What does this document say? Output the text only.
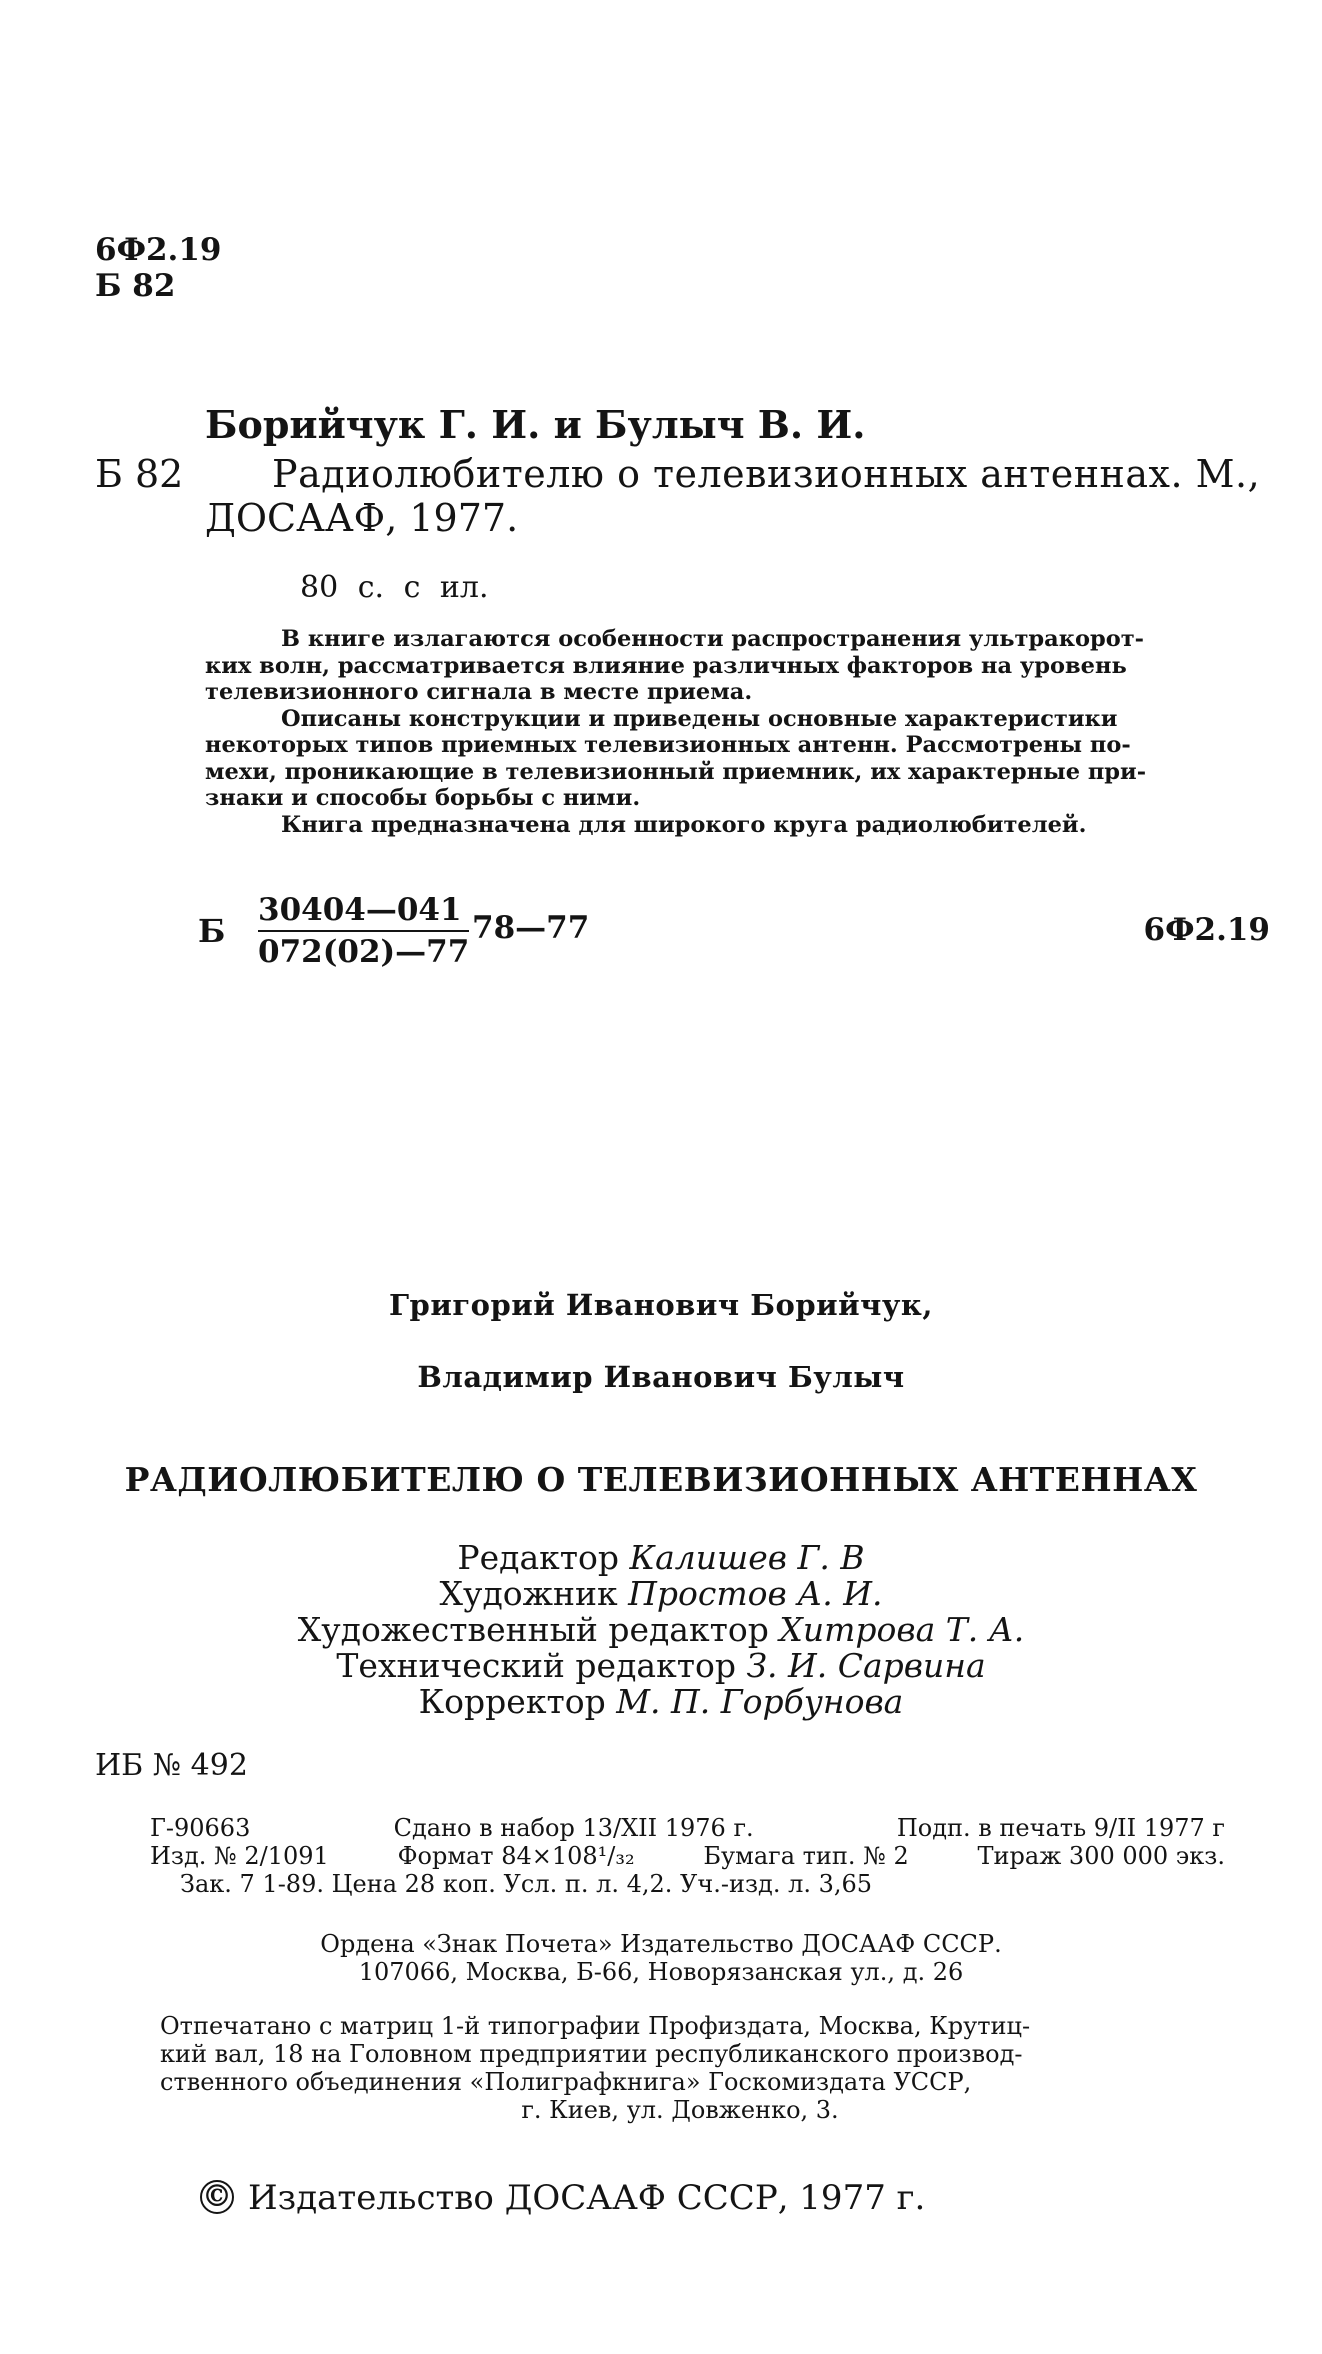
6Ф2.19
Б 82
Борийчук Г. И. и Булыч В. И.
Б 82 Радиолюбителю о телевизионных антеннах. М.,
ДОСААФ, 1977.
80 с. с ил.

В книге излагаются особенности распространения ультракорот-

ких волн, рассматривается влияние различных факторов на уровень

телевизионного сигнала в месте приема.

Описаны конструкции и приведены основные характеристики

некоторых типов приемных телевизионных антенн. Рассмотрены по-

мехи, проникающие в телевизионный приемник, их характерные при-

знаки и способы борьбы с ними.

Книга предназначена для широкого круга радиолюбителей.

Б $\frac{30404—041}{072(02)—77}$ 78—77	6Ф2.19
Григорий Иванович Борийчук,
Владимир Иванович Булыч
РАДИОЛЮБИТЕЛЮ О ТЕЛЕВИЗИОННЫХ АНТЕННАХ
Редактор Калишев Г. В
Художник Простов А. И.
Художественный редактор Хитрова Т. А.
Технический редактор З. И. Сарвина
Корректор М. П. Горбунова
ИБ № 492
Г-90663	Сдано в набор 13/XII 1976 г.	Подп. в печать 9/II 1977 г
Изд. № 2/1091	Формат 84×108¹/₃₂	Бумага тип. № 2	Тираж 300 000 экз.
Зак. 7 1-89. Цена 28 коп. Усл. п. л. 4,2. Уч.-изд. л. 3,65
Ордена «Знак Почета» Издательство ДОСААФ СССР.
107066, Москва, Б-66, Новорязанская ул., д. 26
Отпечатано с матриц 1-й типографии Профиздата, Москва, Крутиц-
кий вал, 18 на Головном предприятии республиканского производ-
ственного объединения «Полиграфкнига» Госкомиздата УССР,
г. Киев, ул. Довженко, 3.
© Издательство ДОСААФ СССР, 1977 г.
